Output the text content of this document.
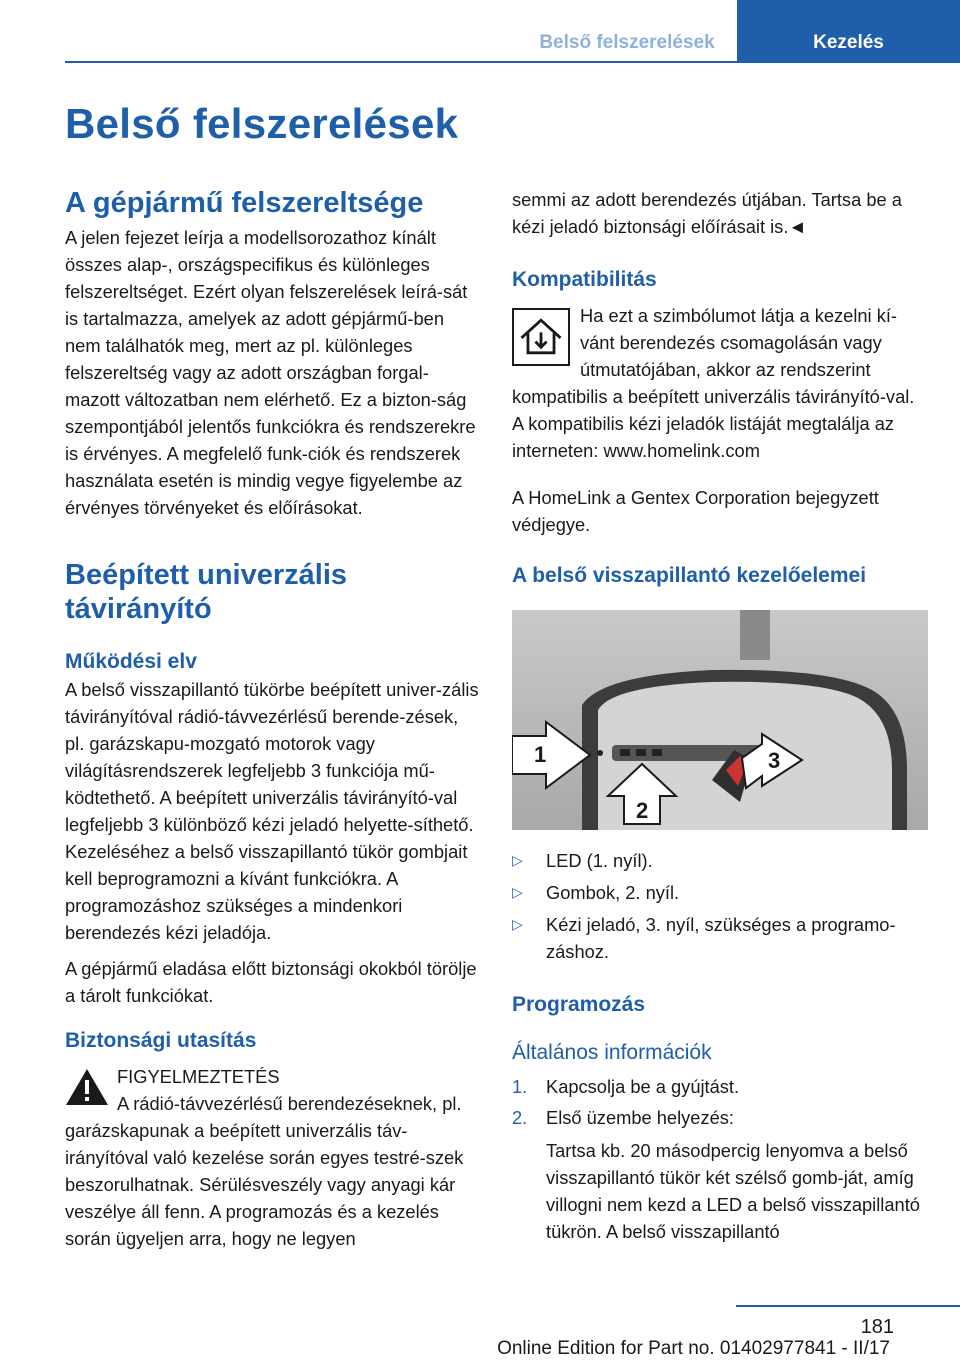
Belső felszerelések	Kezelés
Belső felszerelések
A gépjármű felszereltsége
A jelen fejezet leírja a modellsorozathoz kínált összes alap-, országspecifikus és különleges felszereltséget. Ezért olyan felszerelések leírá-sát is tartalmazza, amelyek az adott gépjármű-ben nem találhatók meg, mert az pl. különleges felszereltség vagy az adott országban forgal-mazott változatban nem elérhető. Ez a bizton-ság szempontjából jelentős funkciókra és rendszerekre is érvényes. A megfelelő funk-ciók és rendszerek használata esetén is mindig vegye figyelembe az érvényes törvényeket és előírásokat.
Beépített univerzális távirányító
Működési elv
A belső visszapillantó tükörbe beépített univer-zális távirányítóval rádió-távvezérlésű berende-zések, pl. garázskapu-mozgató motorok vagy világításrendszerek legfeljebb 3 funkciója mű-ködtethető. A beépített univerzális távirányító-val legfeljebb 3 különböző kézi jeladó helyette-síthető. Kezeléséhez a belső visszapillantó tükör gombjait kell beprogramozni a kívánt funkciókra. A programozáshoz szükséges a mindenkori berendezés kézi jeladója.
A gépjármű eladása előtt biztonsági okokból törölje a tárolt funkciókat.
Biztonsági utasítás
FIGYELMEZTETÉS
A rádió-távvezérlésű berendezéseknek, pl. garázskapunak a beépített univerzális táv-irányítóval való kezelése során egyes testré-szek beszorulhatnak. Sérülésveszély vagy anyagi kár veszélye áll fenn. A programozás és a kezelés során ügyeljen arra, hogy ne legyen
semmi az adott berendezés útjában. Tartsa be a kézi jeladó biztonsági előírásait is.◄
Kompatibilitás
Ha ezt a szimbólumot látja a kezelni kí-vánt berendezés csomagolásán vagy útmutatójában, akkor az rendszerint kompatibilis a beépített univerzális távirányító-val.
A kompatibilis kézi jeladók listáját megtalálja az interneten: www.homelink.com
A HomeLink a Gentex Corporation bejegyzett védjegye.
A belső visszapillantó kezelőelemei
1
2
3
▷ LED (1. nyíl).
▷ Gombok, 2. nyíl.
▷ Kézi jeladó, 3. nyíl, szükséges a programo-záshoz.
Programozás
Általános információk
1. Kapcsolja be a gyújtást.
2. Első üzembe helyezés:
Tartsa kb. 20 másodpercig lenyomva a belső visszapillantó tükör két szélső gomb-ját, amíg villogni nem kezd a LED a belső visszapillantó tükrön. A belső visszapillantó
181
Online Edition for Part no. 01402977841 - II/17
